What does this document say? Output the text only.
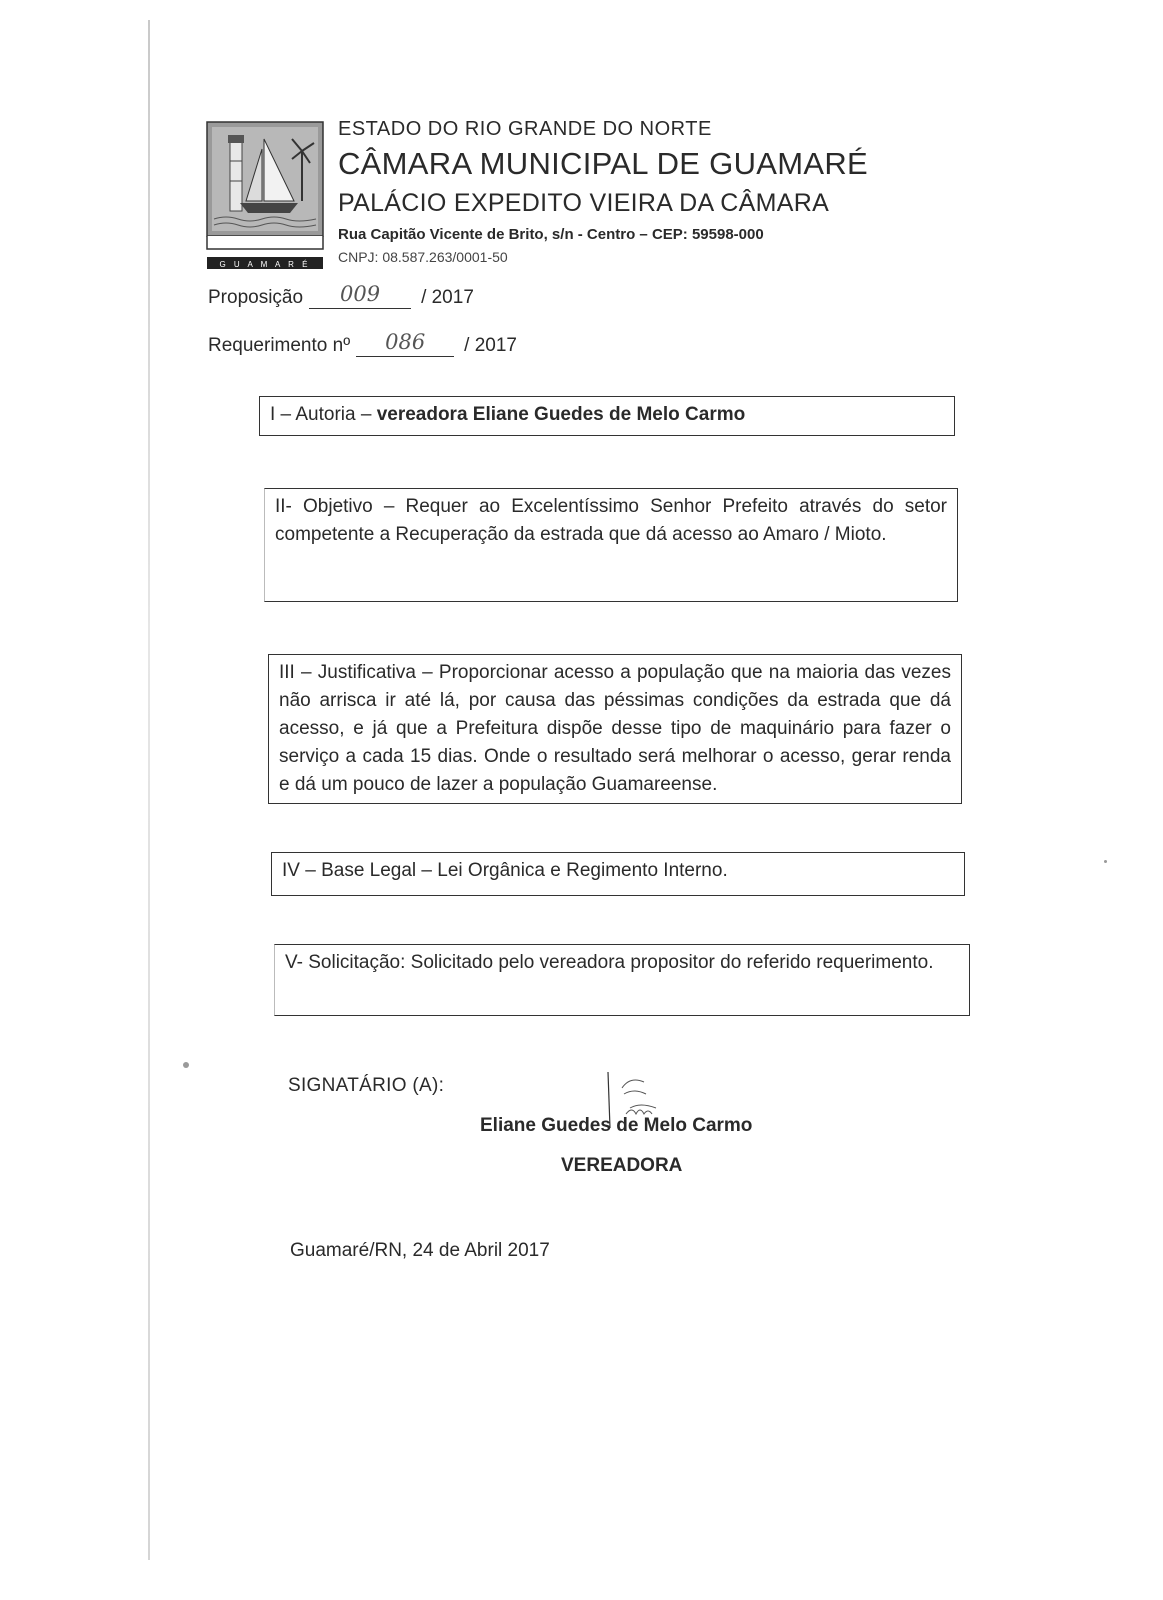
G U A M A R É

ESTADO DO RIO GRANDE DO NORTE

CÂMARA MUNICIPAL DE GUAMARÉ

PALÁCIO EXPEDITO VIEIRA DA CÂMARA

Rua Capitão Vicente de Brito, s/n - Centro – CEP: 59598-000

CNPJ: 08.587.263/0001-50

Proposição	009	/ 2017
Requerimento nº	086	/ 2017
I – Autoria – vereadora Eliane Guedes de Melo Carmo
II- Objetivo – Requer ao Excelentíssimo Senhor Prefeito através do setor competente a Recuperação da estrada que dá acesso ao Amaro / Mioto.
III – Justificativa – Proporcionar acesso a população que na maioria das vezes não arrisca ir até lá, por causa das péssimas condições da estrada que dá acesso, e já que a Prefeitura dispõe desse tipo de maquinário para fazer o serviço a cada 15 dias. Onde o resultado será melhorar o acesso, gerar renda e dá um pouco de lazer a população Guamareense.
IV – Base Legal – Lei Orgânica e Regimento Interno.
V- Solicitação: Solicitado pelo vereadora propositor do referido requerimento.
SIGNATÁRIO (A):
Eliane Guedes de Melo Carmo
VEREADORA
Guamaré/RN, 24 de Abril 2017
